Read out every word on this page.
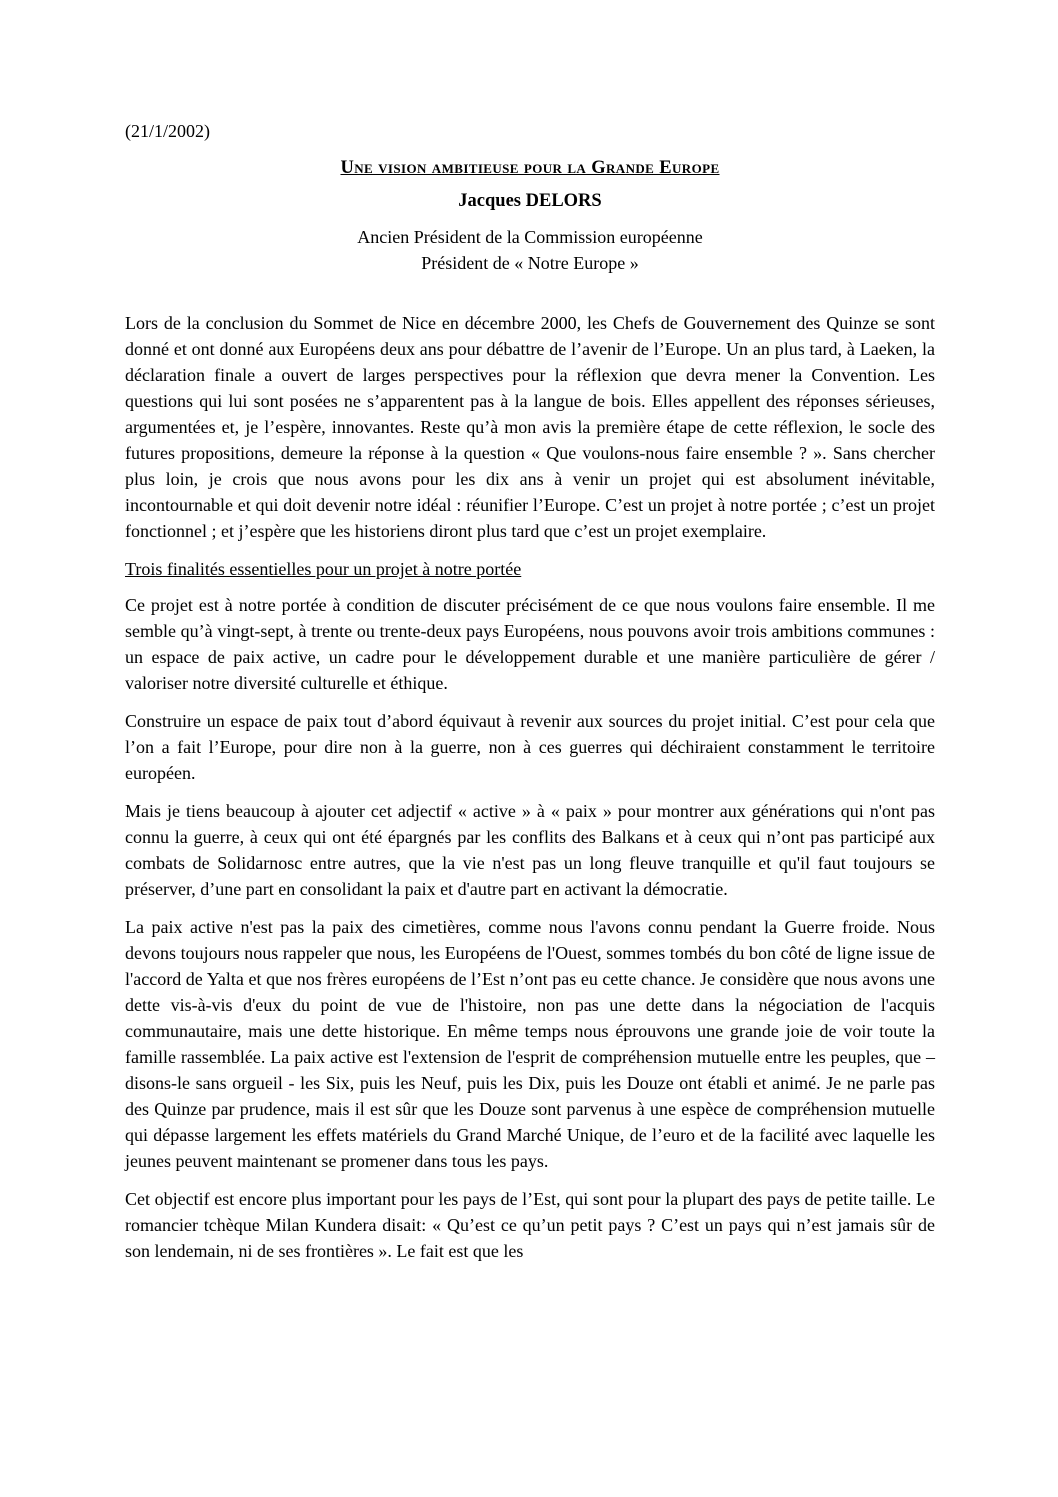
(21/1/2002)
Une vision ambitieuse pour la Grande Europe
Jacques DELORS
Ancien Président de la Commission européenne
Président de « Notre Europe »

Lors de la conclusion du Sommet de Nice en décembre 2000, les Chefs de Gouvernement des Quinze se sont donné et ont donné aux Européens deux ans pour débattre de l’avenir de l’Europe. Un an plus tard, à Laeken, la déclaration finale a ouvert de larges perspectives pour la réflexion que devra mener la Convention. Les questions qui lui sont posées ne s’apparentent pas à la langue de bois. Elles appellent des réponses sérieuses, argumentées et, je l’espère, innovantes. Reste qu’à mon avis la première étape de cette réflexion, le socle des futures propositions, demeure la réponse à la question « Que voulons-nous faire ensemble ? ». Sans chercher plus loin, je crois que nous avons pour les dix ans à venir un projet qui est absolument inévitable, incontournable et qui doit devenir notre idéal : réunifier l’Europe. C’est un projet à notre portée ; c’est un projet fonctionnel ; et j’espère que les historiens diront plus tard que c’est un projet exemplaire.

Trois finalités essentielles pour un projet à notre portée

Ce projet est à notre portée à condition de discuter précisément de ce que nous voulons faire ensemble. Il me semble qu’à vingt-sept, à trente ou trente-deux pays Européens, nous pouvons avoir trois ambitions communes : un espace de paix active, un cadre pour le développement durable et une manière particulière de gérer / valoriser notre diversité culturelle et éthique.

Construire un espace de paix tout d’abord équivaut à revenir aux sources du projet initial. C’est pour cela que l’on a fait l’Europe, pour dire non à la guerre, non à ces guerres qui déchiraient constamment le territoire européen.

Mais je tiens beaucoup à ajouter cet adjectif « active » à « paix » pour montrer aux générations qui n'ont pas connu la guerre, à ceux qui ont été épargnés par les conflits des Balkans et à ceux qui n’ont pas participé aux combats de Solidarnosc entre autres, que la vie n'est pas un long fleuve tranquille et qu'il faut toujours se préserver, d’une part en consolidant la paix et d'autre part en activant la démocratie.

La paix active n'est pas la paix des cimetières, comme nous l'avons connu pendant la Guerre froide. Nous devons toujours nous rappeler que nous, les Européens de l'Ouest, sommes tombés du bon côté de ligne issue de l'accord de Yalta et que nos frères européens de l’Est n’ont pas eu cette chance. Je considère que nous avons une dette vis-à-vis d'eux du point de vue de l'histoire, non pas une dette dans la négociation de l'acquis communautaire, mais une dette historique. En même temps nous éprouvons une grande joie de voir toute la famille rassemblée. La paix active est l'extension de l'esprit de compréhension mutuelle entre les peuples, que – disons-le sans orgueil - les Six, puis les Neuf, puis les Dix, puis les Douze ont établi et animé. Je ne parle pas des Quinze par prudence, mais il est sûr que les Douze sont parvenus à une espèce de compréhension mutuelle qui dépasse largement les effets matériels du Grand Marché Unique, de l’euro et de la facilité avec laquelle les jeunes peuvent maintenant se promener dans tous les pays.

Cet objectif est encore plus important pour les pays de l’Est, qui sont pour la plupart des pays de petite taille. Le romancier tchèque Milan Kundera disait: « Qu’est ce qu’un petit pays ? C’est un pays qui n’est jamais sûr de son lendemain, ni de ses frontières ». Le fait est que les
